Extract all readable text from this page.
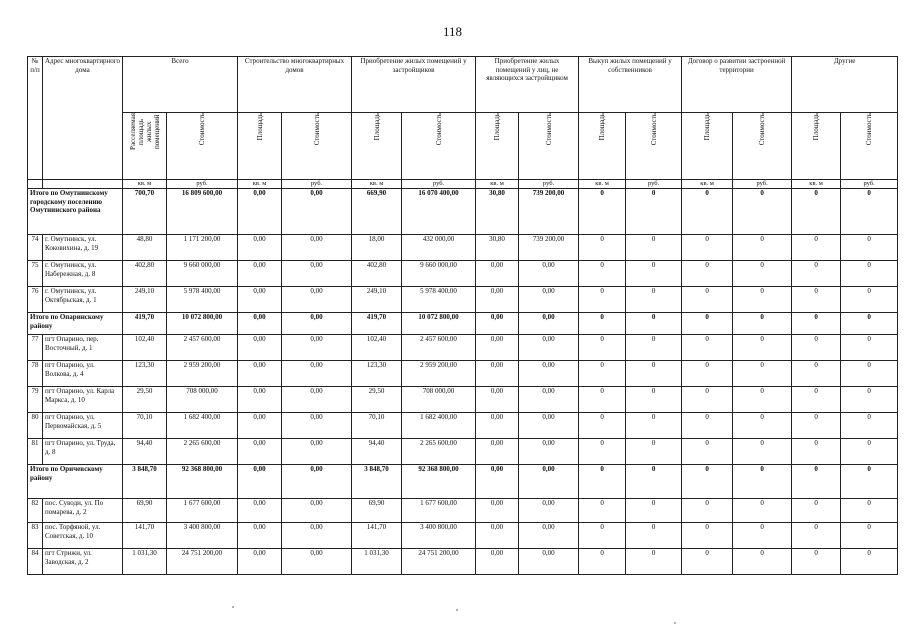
118
№ п/п	Адрес многоквартирного дома	Всего		Строительство многоквартирных домов		Приобретение жилых помещений у застройщиков		Приобретение жилых помещений у лиц, не являющихся застройщиком		Выкуп жилых помещений у собственников		Договор о развитии застроенной территории		Другие	
		Расселяемая
площадь
жилых
помещений	Стоимость	Площадь	Стоимость	Площадь	Стоимость	Площадь	Стоимость	Площадь	Стоимость	Площадь	Стоимость	Площадь	Стоимость
		кв. м	руб.	кв. м	руб.	кв. м	руб.	кв. м	руб.	кв. м	руб.	кв. м	руб.	кв. м	руб.
Итого по Омутнинскому городскому поселению Омутнинского района		700,70	16 809 600,00	0,00	0,00	669,90	16 070 400,00	30,80	739 200,00	0	0	0	0	0	0
74	г. Омутнинск, ул. Коковихина, д. 19	48,80	1 171 200,00	0,00	0,00	18,00	432 000,00	30,80	739 200,00	0	0	0	0	0	0
75	г. Омутнинск, ул. Набережная, д. 8	402,80	9 660 000,00	0,00	0,00	402,80	9 660 000,00	0,00	0,00	0	0	0	0	0	0
76	г. Омутнинск, ул. Октябрьская, д. 1	249,10	5 978 400,00	0,00	0,00	249,10	5 978 400,00	0,00	0,00	0	0	0	0	0	0
Итого по Опаринскому району		419,70	10 072 800,00	0,00	0,00	419,70	10 072 800,00	0,00	0,00	0	0	0	0	0	0
77	пгт Опарино, пер. Восточный, д. 1	102,40	2 457 600,00	0,00	0,00	102,40	2 457 600,00	0,00	0,00	0	0	0	0	0	0
78	пгт Опарино, ул. Волкова, д. 4	123,30	2 959 200,00	0,00	0,00	123,30	2 959 200,00	0,00	0,00	0	0	0	0	0	0
79	пгт Опарино, ул. Карла Маркса, д. 10	29,50	708 000,00	0,00	0,00	29,50	708 000,00	0,00	0,00	0	0	0	0	0	0
80	пгт Опарино, ул. Первомайская, д. 5	70,10	1 682 400,00	0,00	0,00	70,10	1 682 400,00	0,00	0,00	0	0	0	0	0	0
81	пгт Опарино, ул. Труда, д. 8	94,40	2 265 600,00	0,00	0,00	94,40	2 265 600,00	0,00	0,00	0	0	0	0	0	0
Итого по Оричевскому району		3 848,70	92 368 800,00	0,00	0,00	3 848,70	92 368 800,00	0,00	0,00	0	0	0	0	0	0
82	пос. Суводи, ул. По помарева, д. 2	69,90	1 677 600,00	0,00	0,00	69,90	1 677 600,00	0,00	0,00	0	0	0	0	0	0
83	пос. Торфяной, ул. Советская, д. 10	141,70	3 400 800,00	0,00	0,00	141,70	3 400 800,00	0,00	0,00	0	0	0	0	0	0
84	пгт Стрижи, ул. Заводская, д. 2	1 031,30	24 751 200,00	0,00	0,00	1 031,30	24 751 200,00	0,00	0,00	0	0	0	0	0	0
